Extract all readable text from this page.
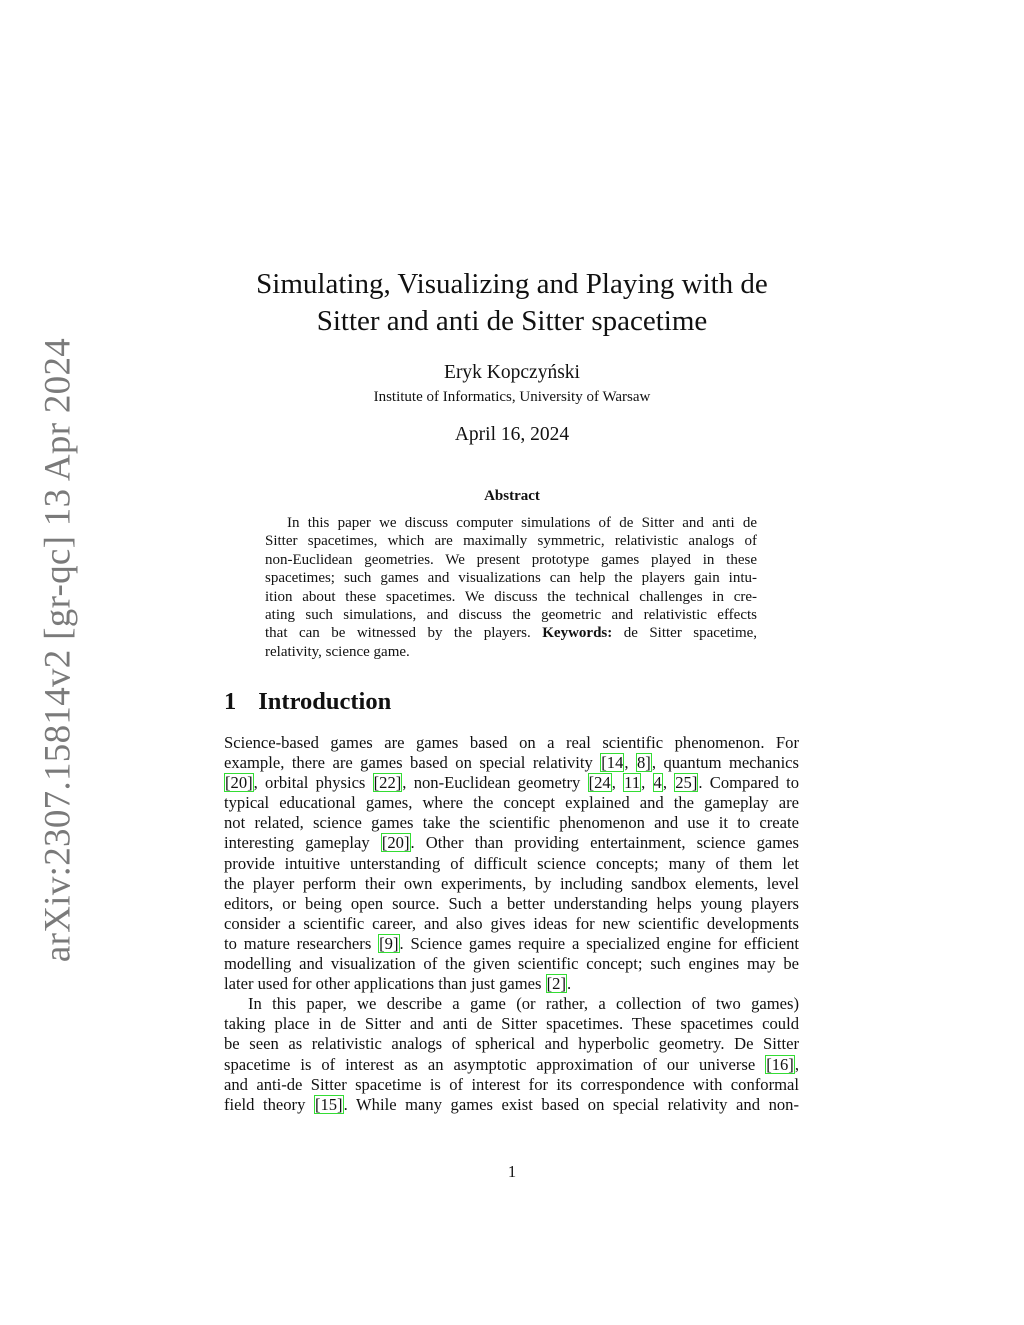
arXiv:2307.15814v2 [gr-qc] 13 Apr 2024
Simulating, Visualizing and Playing with de
Sitter and anti de Sitter spacetime
Eryk Kopczyński
Institute of Informatics, University of Warsaw
April 16, 2024
Abstract
In this paper we discuss computer simulations of de Sitter and anti de
Sitter spacetimes, which are maximally symmetric, relativistic analogs of
non-Euclidean geometries. We present prototype games played in these
spacetimes; such games and visualizations can help the players gain intu-
ition about these spacetimes. We discuss the technical challenges in cre-
ating such simulations, and discuss the geometric and relativistic effects
that can be witnessed by the players. Keywords: de Sitter spacetime,
relativity, science game.
1 Introduction
Science-based games are games based on a real scientific phenomenon. For
example, there are games based on special relativity [14, 8], quantum mechanics
[20], orbital physics [22], non-Euclidean geometry [24, 11, 4, 25]. Compared to
typical educational games, where the concept explained and the gameplay are
not related, science games take the scientific phenomenon and use it to create
interesting gameplay [20]. Other than providing entertainment, science games
provide intuitive unterstanding of difficult science concepts; many of them let
the player perform their own experiments, by including sandbox elements, level
editors, or being open source. Such a better understanding helps young players
consider a scientific career, and also gives ideas for new scientific developments
to mature researchers [9]. Science games require a specialized engine for efficient
modelling and visualization of the given scientific concept; such engines may be
later used for other applications than just games [2].
In this paper, we describe a game (or rather, a collection of two games)
taking place in de Sitter and anti de Sitter spacetimes. These spacetimes could
be seen as relativistic analogs of spherical and hyperbolic geometry. De Sitter
spacetime is of interest as an asymptotic approximation of our universe [16],
and anti-de Sitter spacetime is of interest for its correspondence with conformal
field theory [15]. While many games exist based on special relativity and non-
1
